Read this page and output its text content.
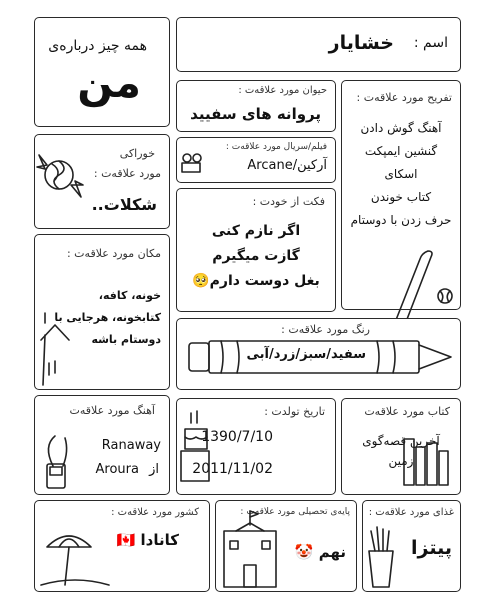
همه چیز درباره‌ی
من
اسم :
خشایار
حیوان مورد علاقه‌ت :
پروانه های سفیید
تفریح مورد علاقه‌ت :
آهنگ گوش دادن
گنشین ایمپکت
اسکای
کتاب خوندن
حرف زدن با دوستام
خوراکی
مورد علاقه‌ت :
شکلات..
فیلم/سریال مورد علاقه‌ت :
آرکین/Arcane
فکت از خودت :
اگر نازم کنی
گازت میگیرم
بغل دوست دارم🥺
مکان مورد علاقه‌ت :
خونه، کافه،
کتابخونه، هرجایی با
دوستام باشه
رنگ مورد علاقه‌ت :
سفید/سبز/زرد/آبی
آهنگ مورد علاقه‌ت
Ranaway
از
Aroura
تاریخ تولدت :
1390/7/10
2011/11/02
کتاب مورد علاقه‌ت
آخرین قصه‌گوی
زمین
کشور مورد علاقه‌ت :
کانادا 🇨🇦
پایه‌ی تحصیلی مورد علاقه‌ت :
نهم 🤡
غذای مورد علاقه‌ت :
پیتزا
